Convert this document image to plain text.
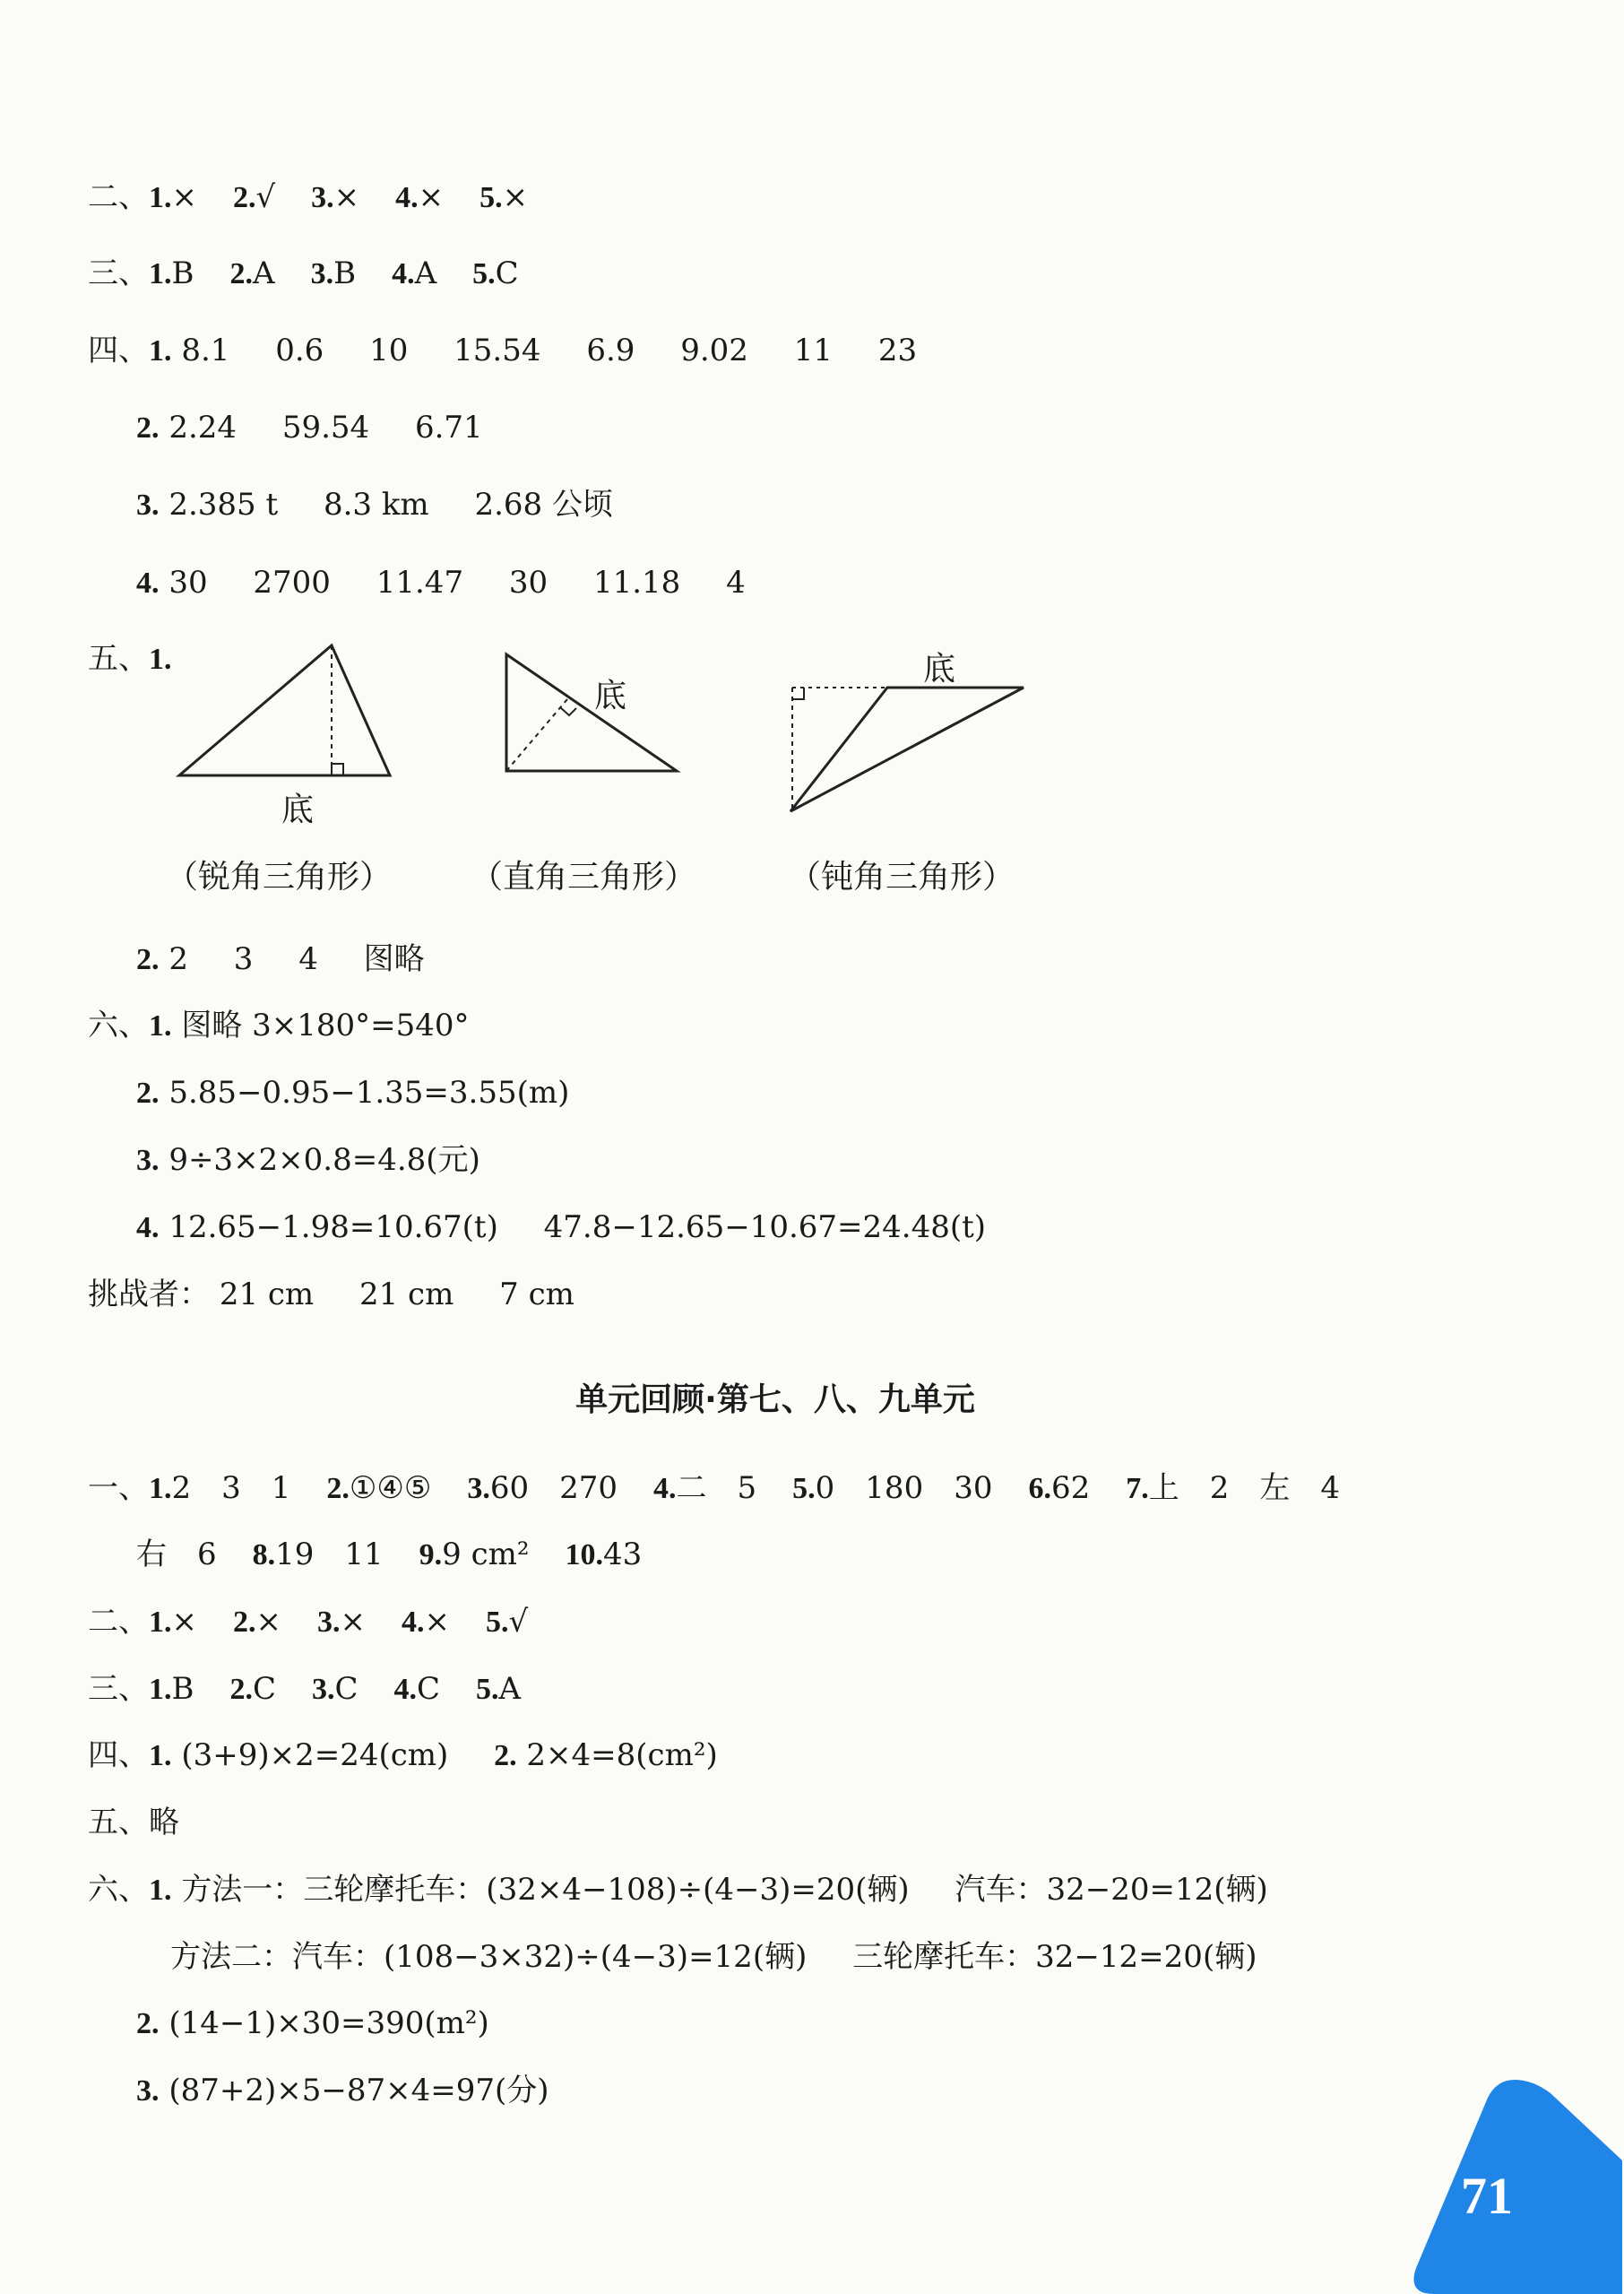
二、1.× 2.√ 3.× 4.× 5.×
三、1.B 2.A 3.B 4.A 5.C
四、1. 8.1 0.6 10 15.54 6.9 9.02 11 23
2. 2.24 59.54 6.71
3. 2.385 t 8.3 km 2.68 公顷
4. 30 2700 11.47 30 11.18 4
五、1.
底
底
底
（锐角三角形） （直角三角形）	（钝角三角形）
2. 2 3 4 图略
六、1. 图略 3×180°=540°
2. 5.85−0.95−1.35=3.55(m)
3. 9÷3×2×0.8=4.8(元)
4. 12.65−1.98=10.67(t) 47.8−12.65−10.67=24.48(t)
挑战者： 21 cm 21 cm 7 cm
单元回顾·第七、八、九单元
一、1.2　3　1 2.①④⑤ 3.60　270 4.二　5 5.0　180　30 6.62 7.上　2　左　4
右　6 8.19　11 9.9 cm² 10.43
二、1.× 2.× 3.× 4.× 5.√
三、1.B 2.C 3.C 4.C 5.A
四、1. (3+9)×2=24(cm) 2. 2×4=8(cm²)
五、略
六、1. 方法一：三轮摩托车：(32×4−108)÷(4−3)=20(辆) 汽车：32−20=12(辆)
方法二：汽车：(108−3×32)÷(4−3)=12(辆) 三轮摩托车：32−12=20(辆)
2. (14−1)×30=390(m²)
3. (87+2)×5−87×4=97(分)
71
